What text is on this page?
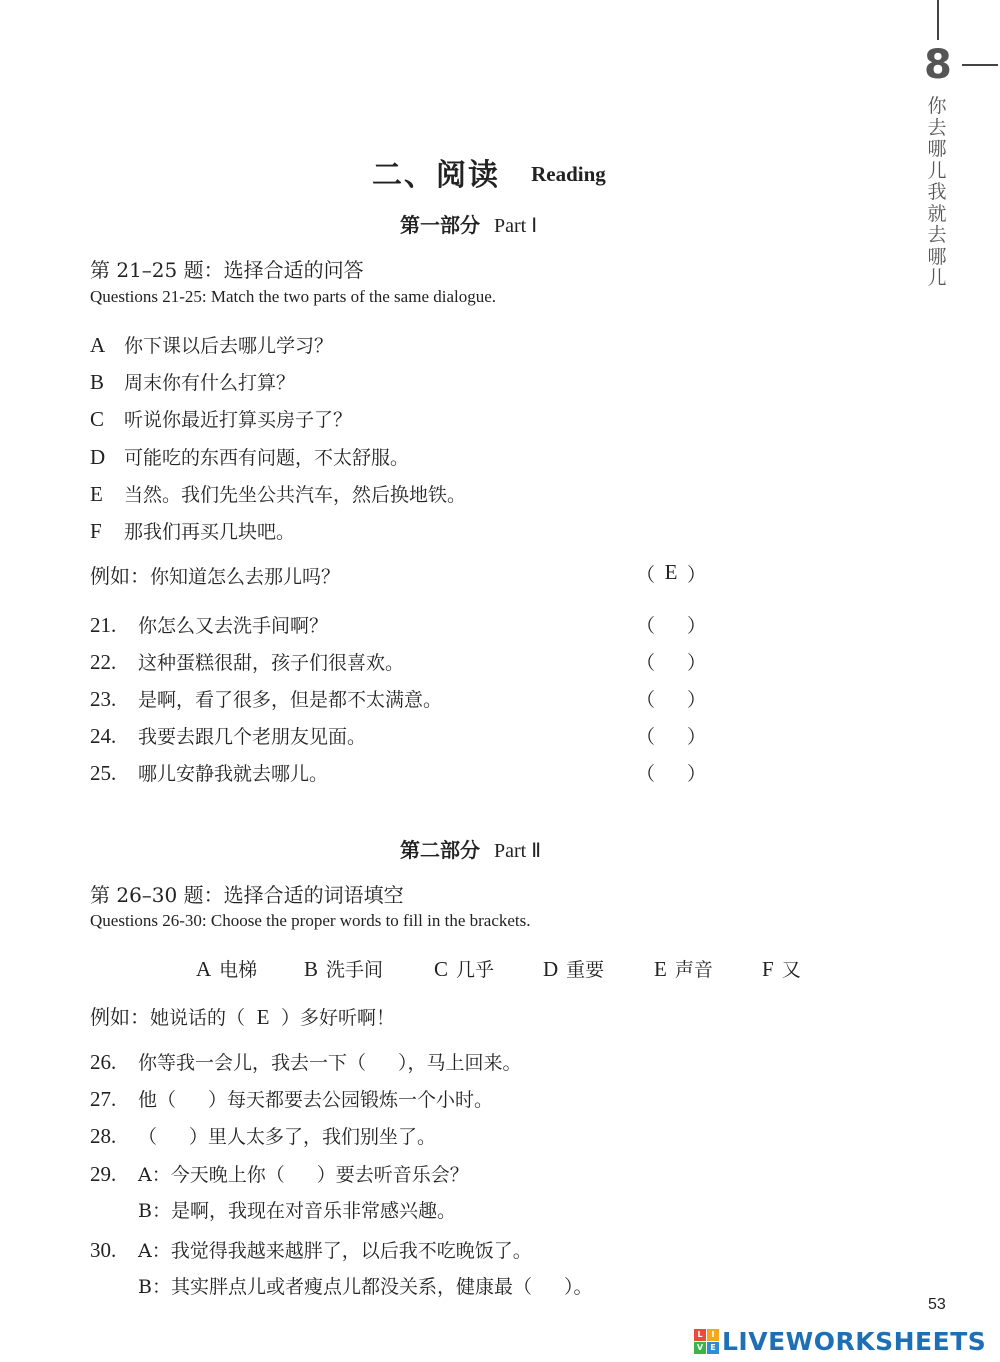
8
你去哪儿我就去哪儿
二、阅读 Reading
第一部分 Part Ⅰ
第 21–25 题：选择合适的问答
Questions 21-25: Match the two parts of the same dialogue.
A 你下课以后去哪儿学习？
B 周末你有什么打算？
C 听说你最近打算买房子了？
D 可能吃的东西有问题，不太舒服。
E 当然。我们先坐公共汽车，然后换地铁。
F 那我们再买几块吧。
例如：你知道怎么去那儿吗？	（ E ）
21. 你怎么又去洗手间啊？	（ ）
22. 这种蛋糕很甜，孩子们很喜欢。	（ ）
23. 是啊，看了很多，但是都不太满意。	（ ）
24. 我要去跟几个老朋友见面。	（ ）
25. 哪儿安静我就去哪儿。	（ ）
第二部分 Part Ⅱ
第 26–30 题：选择合适的词语填空
Questions 26-30: Choose the proper words to fill in the brackets.
A 电梯 B 洗手间 C 几乎 D 重要 E 声音 F 又
例如：她说话的（ E ）多好听啊！
26. 你等我一会儿，我去一下（ ），马上回来。
27. 他（ ）每天都要去公园锻炼一个小时。
28. （ ）里人太多了，我们别坐了。
29. A：今天晚上你（ ）要去听音乐会？
B：是啊，我现在对音乐非常感兴趣。
30. A：我觉得我越来越胖了，以后我不吃晚饭了。
B：其实胖点儿或者瘦点儿都没关系，健康最（ ）。
53
L	I
V E LIVEWORKSHEETS
